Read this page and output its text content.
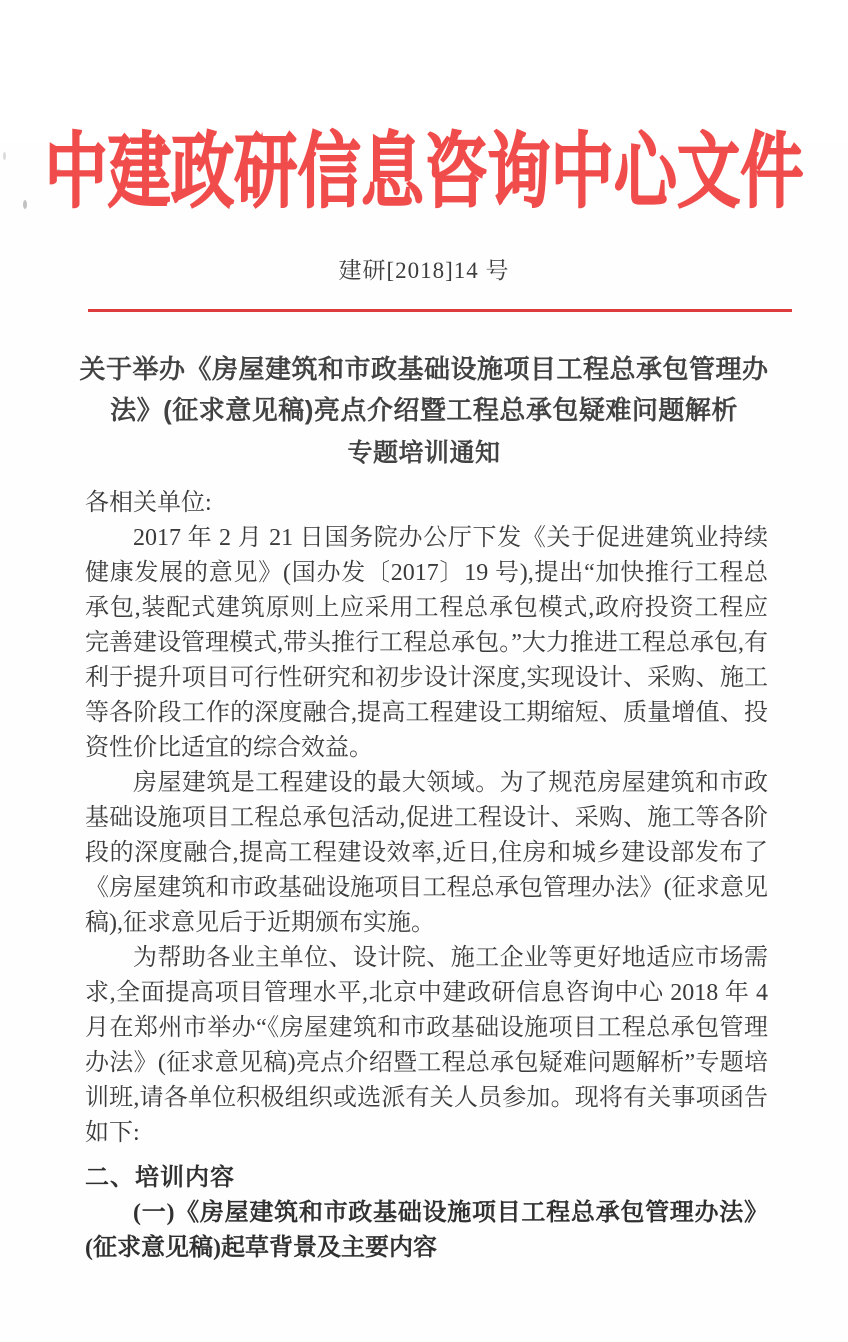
中建政研信息咨询中心文件
建研[2018]14 号
关于举办《房屋建筑和市政基础设施项目工程总承包管理办
法》(征求意见稿)亮点介绍暨工程总承包疑难问题解析
专题培训通知

各相关单位:

2017 年 2 月 21 日国务院办公厅下发《关于促进建筑业持续健康发展的意见》(国办发〔2017〕19 号),提出“加快推行工程总承包,装配式建筑原则上应采用工程总承包模式,政府投资工程应完善建设管理模式,带头推行工程总承包。”大力推进工程总承包,有利于提升项目可行性研究和初步设计深度,实现设计、采购、施工等各阶段工作的深度融合,提高工程建设工期缩短、质量增值、投资性价比适宜的综合效益。

房屋建筑是工程建设的最大领域。为了规范房屋建筑和市政基础设施项目工程总承包活动,促进工程设计、采购、施工等各阶段的深度融合,提高工程建设效率,近日,住房和城乡建设部发布了《房屋建筑和市政基础设施项目工程总承包管理办法》(征求意见稿),征求意见后于近期颁布实施。

为帮助各业主单位、设计院、施工企业等更好地适应市场需求,全面提高项目管理水平,北京中建政研信息咨询中心 2018 年 4 月在郑州市举办“《房屋建筑和市政基础设施项目工程总承包管理办法》(征求意见稿)亮点介绍暨工程总承包疑难问题解析”专题培训班,请各单位积极组织或选派有关人员参加。现将有关事项函告如下:

二、培训内容

(一)《房屋建筑和市政基础设施项目工程总承包管理办法》(征求意见稿)起草背景及主要内容
